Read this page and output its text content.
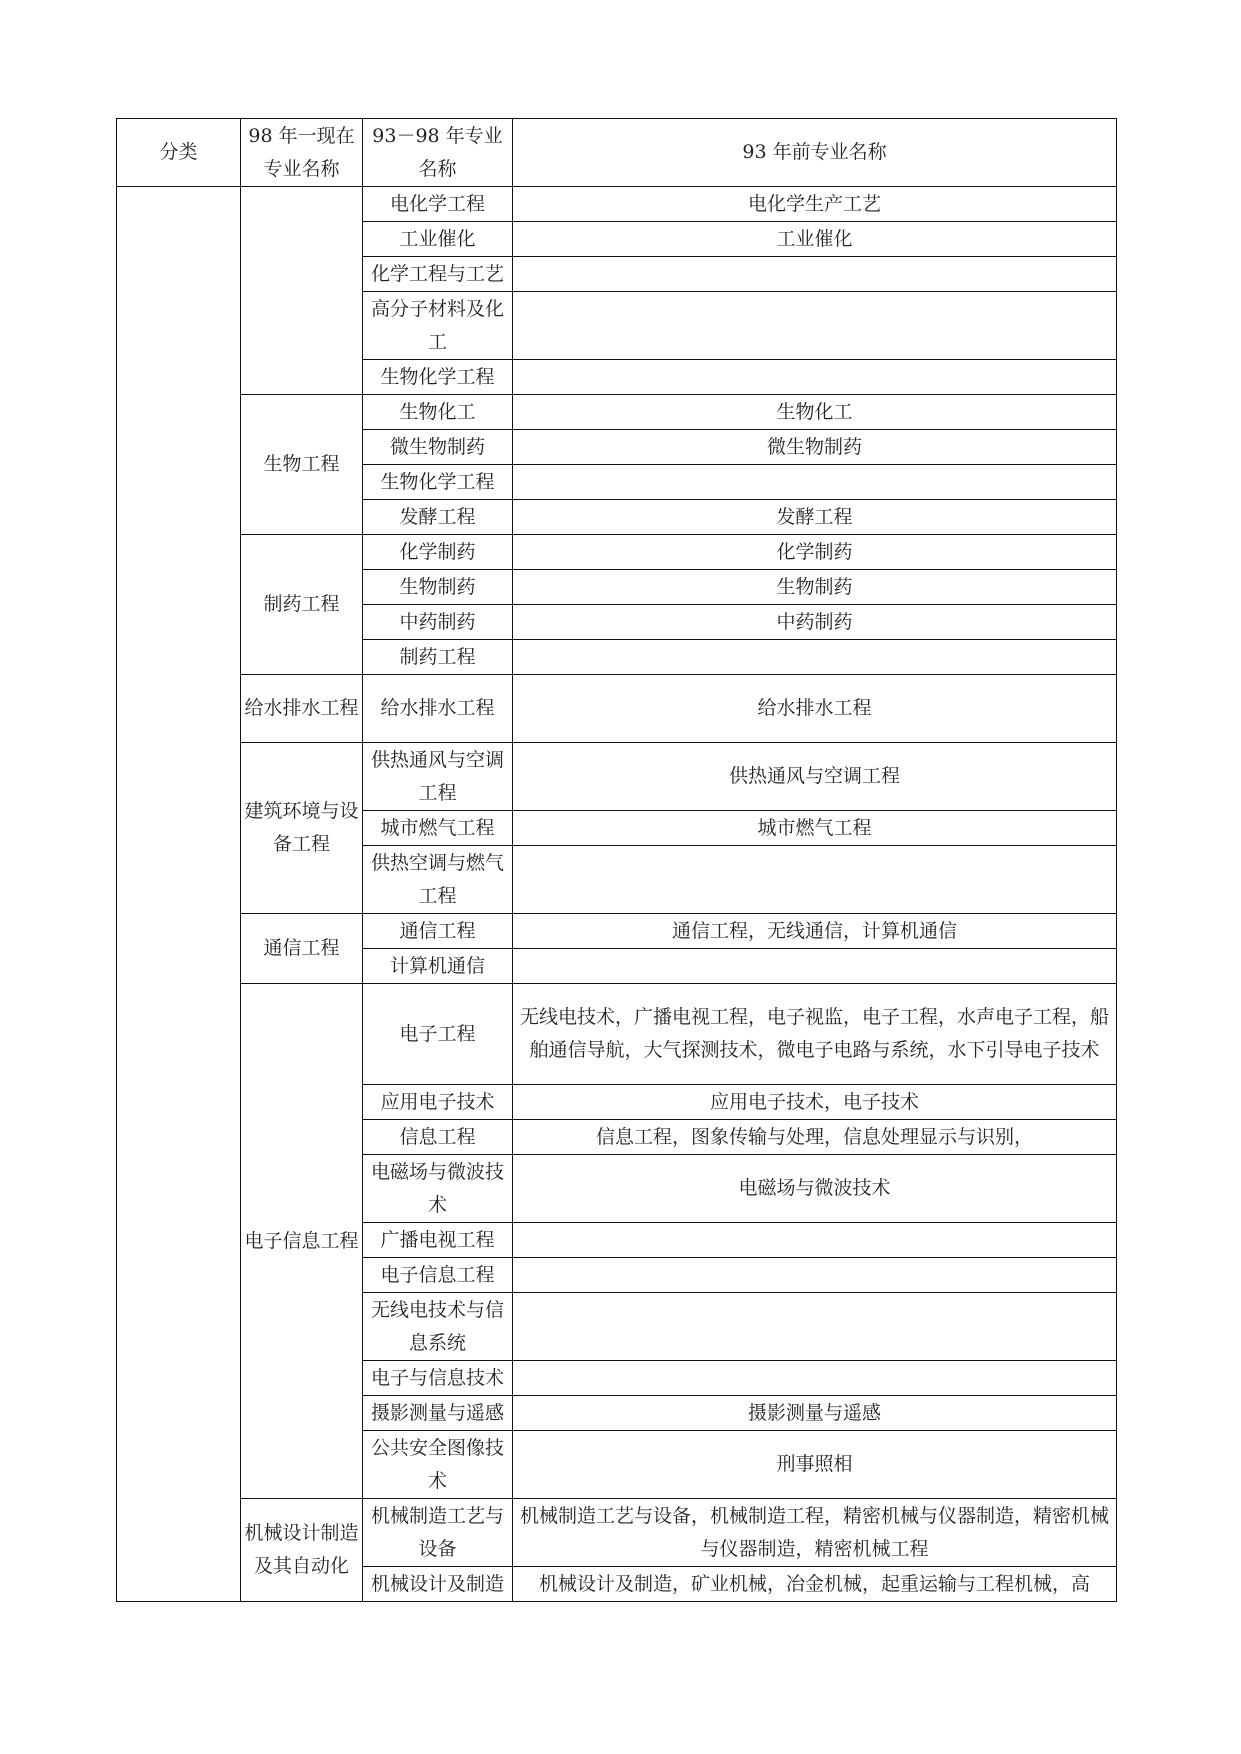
分类	98 年一现在专业名称	93－98 年专业名称	93 年前专业名称
		电化学工程	电化学生产工艺
		工业催化	工业催化
		化学工程与工艺	
		高分子材料及化工	
		生物化学工程	
	生物工程	生物化工	生物化工
		微生物制药	微生物制药
		生物化学工程	
		发酵工程	发酵工程
	制药工程	化学制药	化学制药
		生物制药	生物制药
		中药制药	中药制药
		制药工程	
	给水排水工程	给水排水工程	给水排水工程
	建筑环境与设备工程	供热通风与空调工程	供热通风与空调工程
		城市燃气工程	城市燃气工程
		供热空调与燃气工程	
	通信工程	通信工程	通信工程，无线通信，计算机通信
		计算机通信	
	电子信息工程	电子工程	无线电技术，广播电视工程，电子视监，电子工程，水声电子工程，船舶通信导航，大气探测技术，微电子电路与系统，水下引导电子技术
		应用电子技术	应用电子技术，电子技术
		信息工程	信息工程，图象传输与处理，信息处理显示与识别，
		电磁场与微波技术	电磁场与微波技术
		广播电视工程	
		电子信息工程	
		无线电技术与信息系统	
		电子与信息技术	
		摄影测量与遥感	摄影测量与遥感
		公共安全图像技术	刑事照相
	机械设计制造及其自动化	机械制造工艺与设备	机械制造工艺与设备，机械制造工程，精密机械与仪器制造，精密机械与仪器制造，精密机械工程
		机械设计及制造	机械设计及制造，矿业机械，冶金机械，起重运输与工程机械，高
